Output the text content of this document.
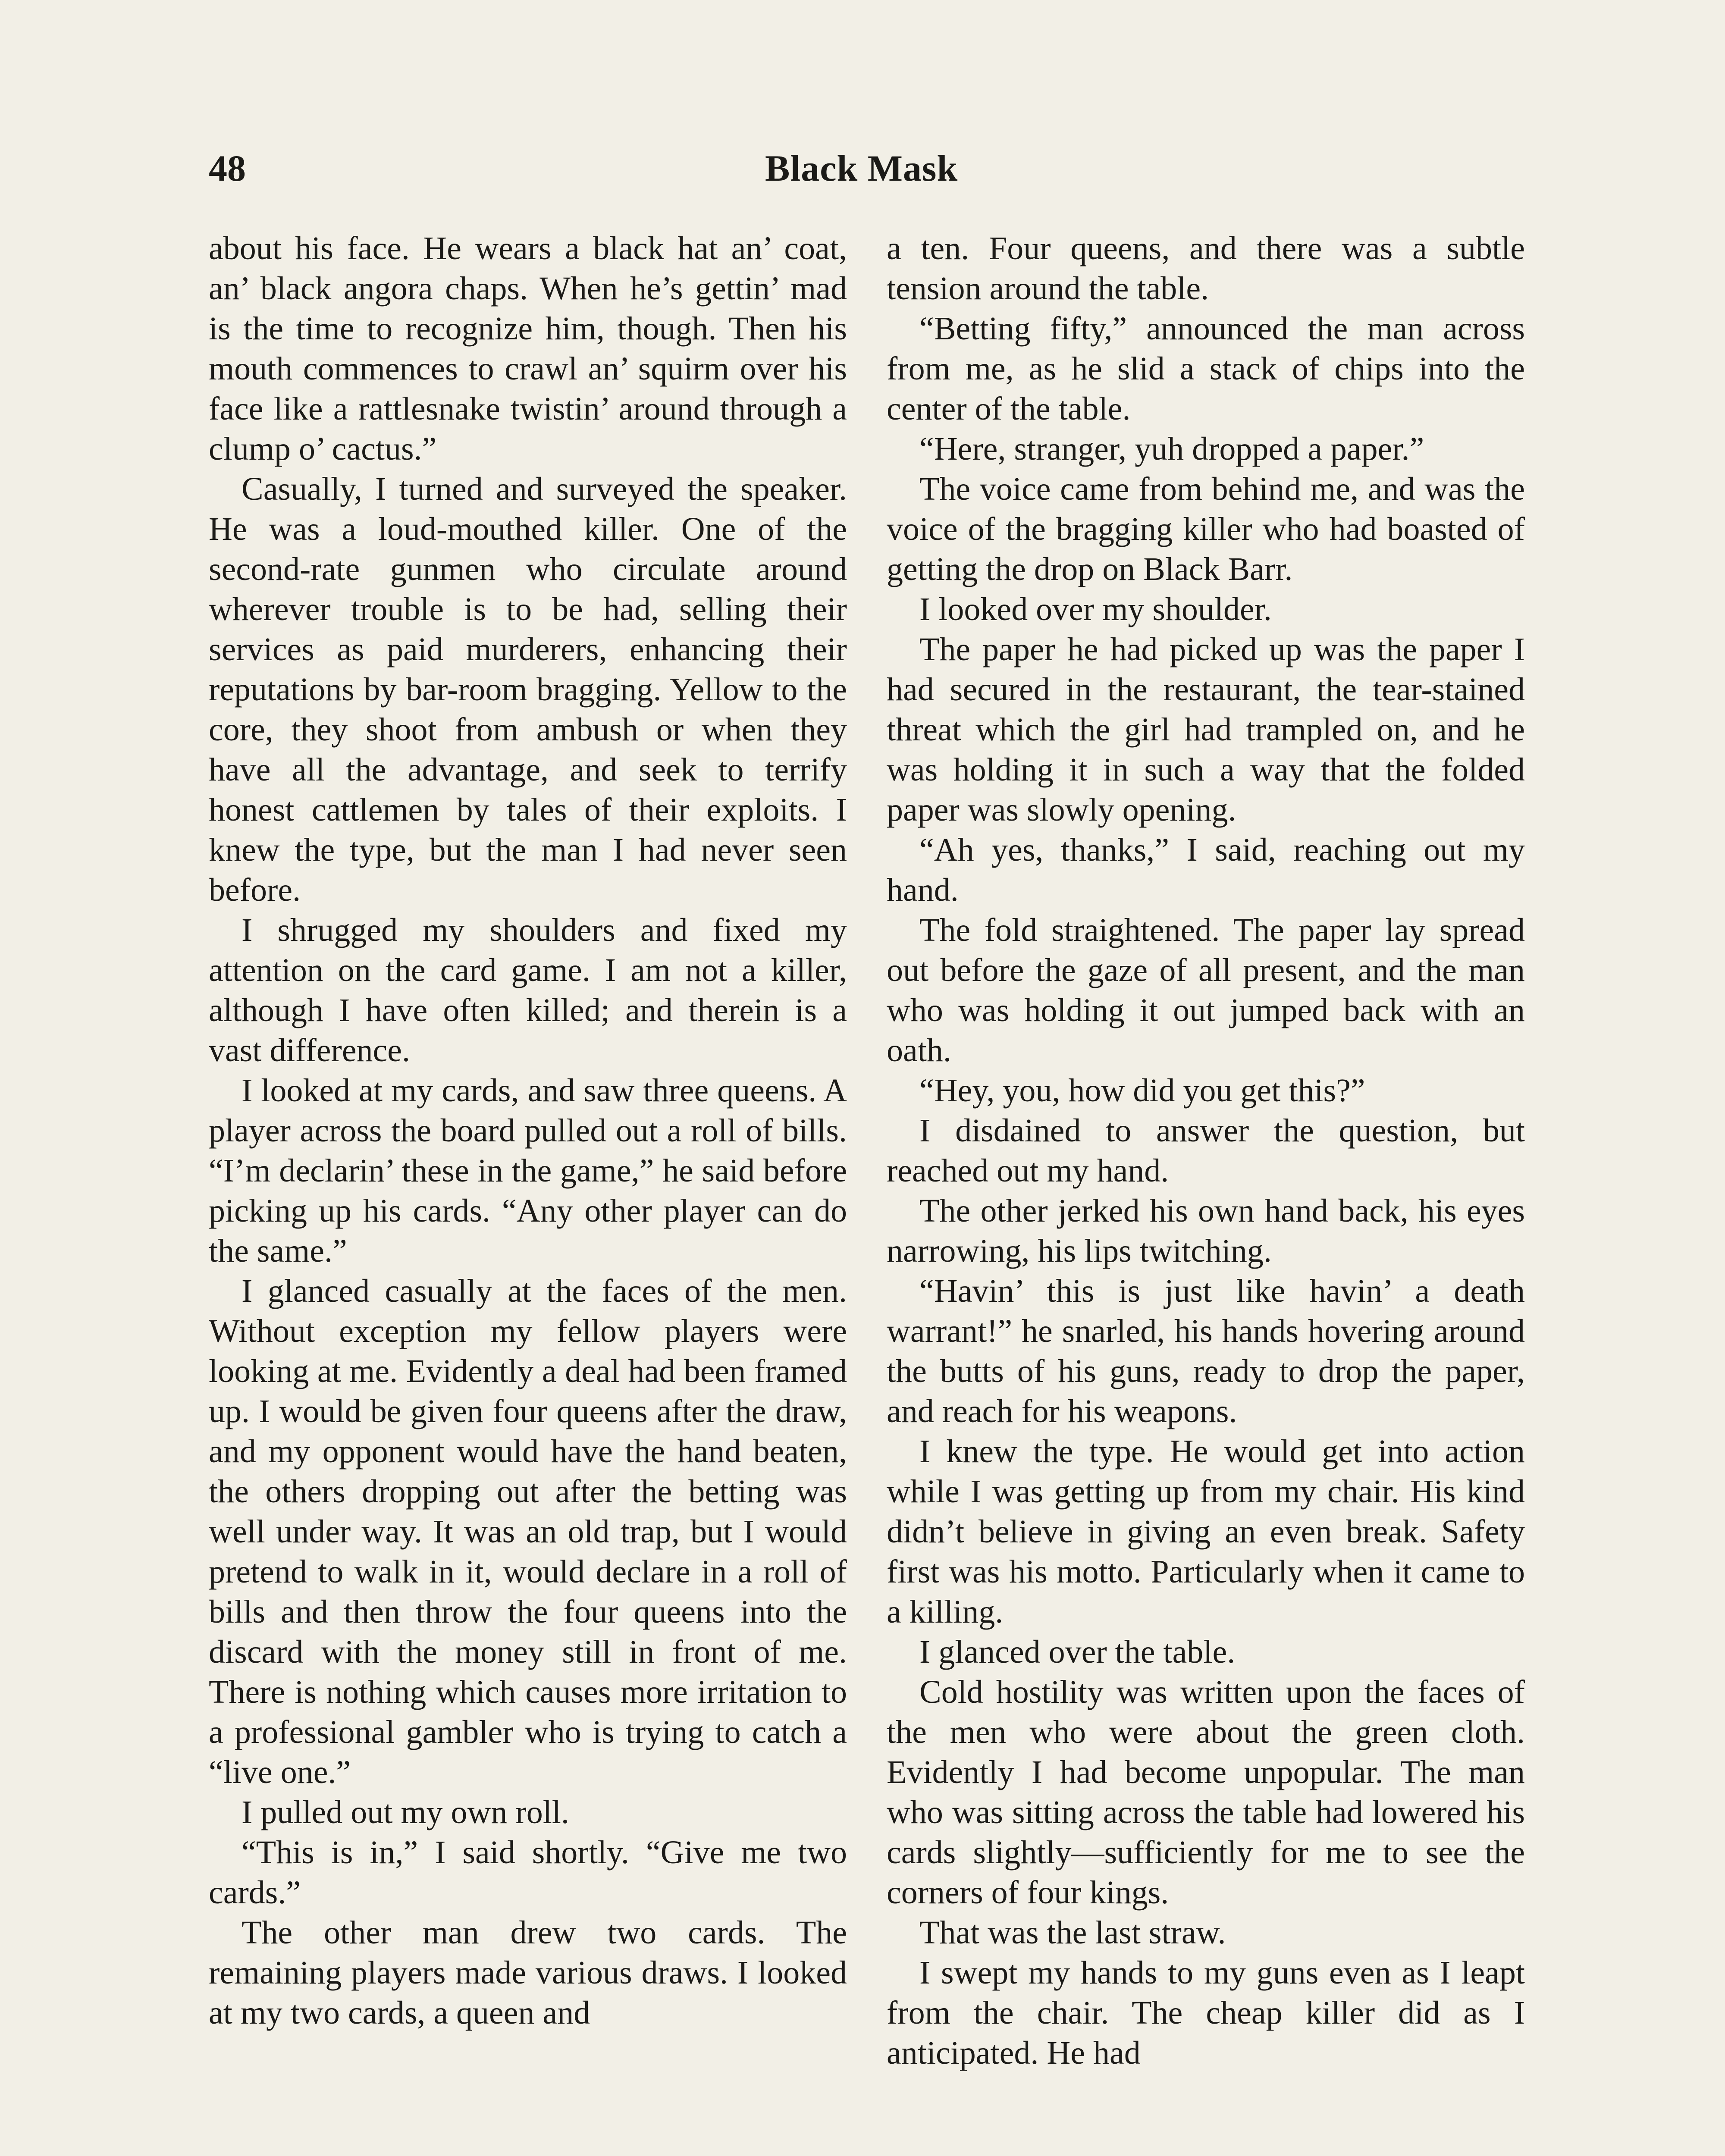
48	Black Mask

about his face. He wears a black hat an’ coat, an’ black angora chaps. When he’s gettin’ mad is the time to recognize him, though. Then his mouth commences to crawl an’ squirm over his face like a rattlesnake twistin’ around through a clump o’ cactus.”

Casually, I turned and surveyed the speaker. He was a loud-mouthed killer. One of the second-rate gunmen who circulate around wherever trouble is to be had, selling their services as paid murderers, enhancing their reputations by bar-room bragging. Yellow to the core, they shoot from ambush or when they have all the advantage, and seek to terrify honest cattlemen by tales of their exploits. I knew the type, but the man I had never seen before.

I shrugged my shoulders and fixed my attention on the card game. I am not a killer, although I have often killed; and therein is a vast difference.

I looked at my cards, and saw three queens. A player across the board pulled out a roll of bills. “I’m declarin’ these in the game,” he said before picking up his cards. “Any other player can do the same.”

I glanced casually at the faces of the men. Without exception my fellow players were looking at me. Evidently a deal had been framed up. I would be given four queens after the draw, and my opponent would have the hand beaten, the others dropping out after the betting was well under way. It was an old trap, but I would pretend to walk in it, would declare in a roll of bills and then throw the four queens into the discard with the money still in front of me. There is nothing which causes more irritation to a professional gambler who is trying to catch a “live one.”

I pulled out my own roll.

“This is in,” I said shortly. “Give me two cards.”

The other man drew two cards. The remaining players made various draws. I looked at my two cards, a queen and

a ten. Four queens, and there was a subtle tension around the table.

“Betting fifty,” announced the man across from me, as he slid a stack of chips into the center of the table.

“Here, stranger, yuh dropped a paper.”

The voice came from behind me, and was the voice of the bragging killer who had boasted of getting the drop on Black Barr.

I looked over my shoulder.

The paper he had picked up was the paper I had secured in the restaurant, the tear-stained threat which the girl had trampled on, and he was holding it in such a way that the folded paper was slowly opening.

“Ah yes, thanks,” I said, reaching out my hand.

The fold straightened. The paper lay spread out before the gaze of all present, and the man who was holding it out jumped back with an oath.

“Hey, you, how did you get this?”

I disdained to answer the question, but reached out my hand.

The other jerked his own hand back, his eyes narrowing, his lips twitching.

“Havin’ this is just like havin’ a death warrant!” he snarled, his hands hovering around the butts of his guns, ready to drop the paper, and reach for his weapons.

I knew the type. He would get into action while I was getting up from my chair. His kind didn’t believe in giving an even break. Safety first was his motto. Particularly when it came to a killing.

I glanced over the table.

Cold hostility was written upon the faces of the men who were about the green cloth. Evidently I had become unpopular. The man who was sitting across the table had lowered his cards slightly—sufficiently for me to see the corners of four kings.

That was the last straw.

I swept my hands to my guns even as I leapt from the chair. The cheap killer did as I anticipated. He had
